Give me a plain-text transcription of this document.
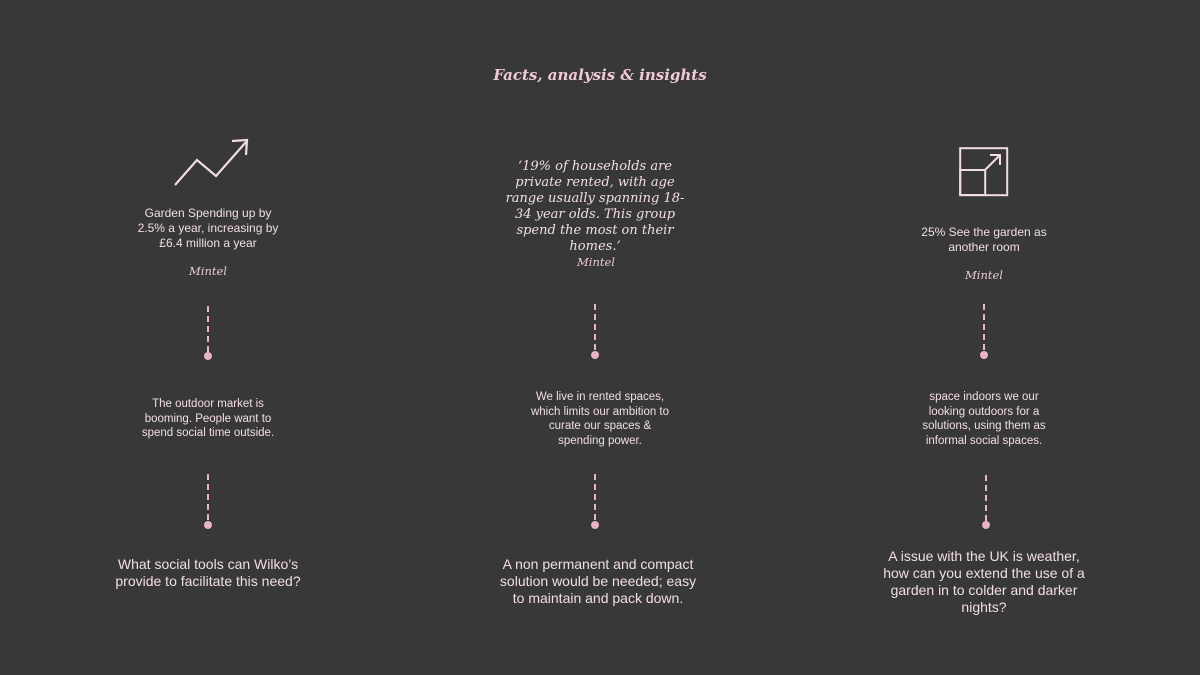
Facts, analysis & insights
Garden Spending up by 2.5% a year, increasing by £6.4 million a year
Mintel
The outdoor market is booming. People want to spend social time outside.
What social tools can Wilko’s provide to facilitate this need?
‘19% of households are private rented, with age range usually spanning 18-34 year olds. This group spend the most on their homes.’
Mintel
We live in rented spaces, which limits our ambition to curate our spaces & spending power.
A non permanent and compact solution would be needed; easy to maintain and pack down.
25% See the garden as another room
Mintel
space indoors we our looking outdoors for a solutions, using them as informal social spaces.
A issue with the UK is weather, how can you extend the use of a garden in to colder and darker nights?
